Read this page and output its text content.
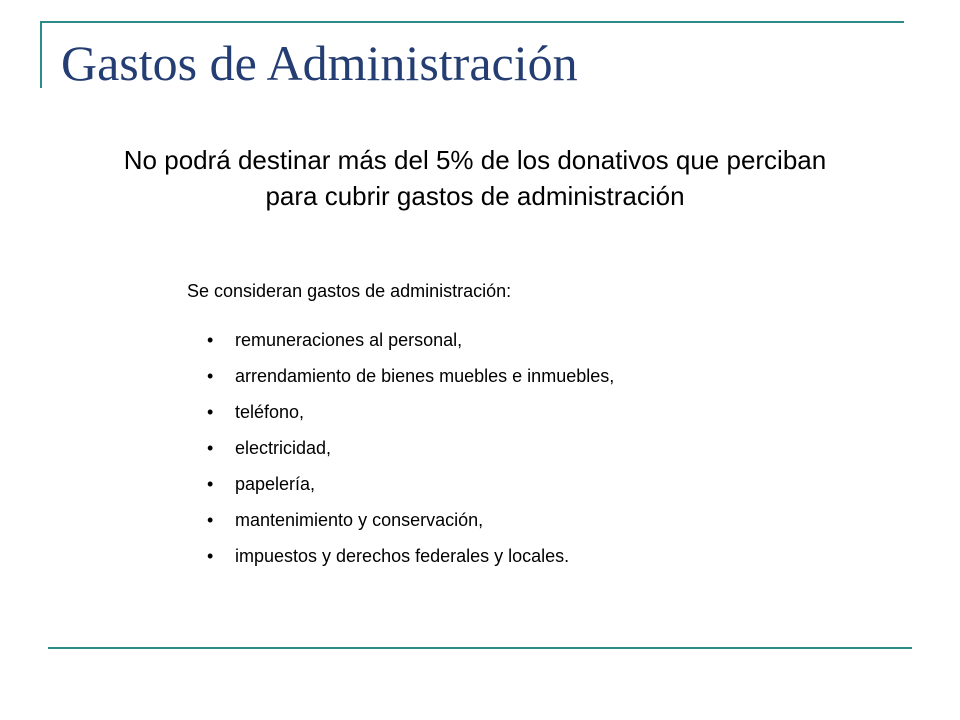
Gastos de Administración

No podrá destinar más del 5% de los donativos que perciban para cubrir gastos de administración

Se consideran gastos de administración:

• remuneraciones al personal,
• arrendamiento de bienes muebles e inmuebles,
• teléfono,
• electricidad,
• papelería,
• mantenimiento y conservación,
• impuestos y derechos federales y locales.
